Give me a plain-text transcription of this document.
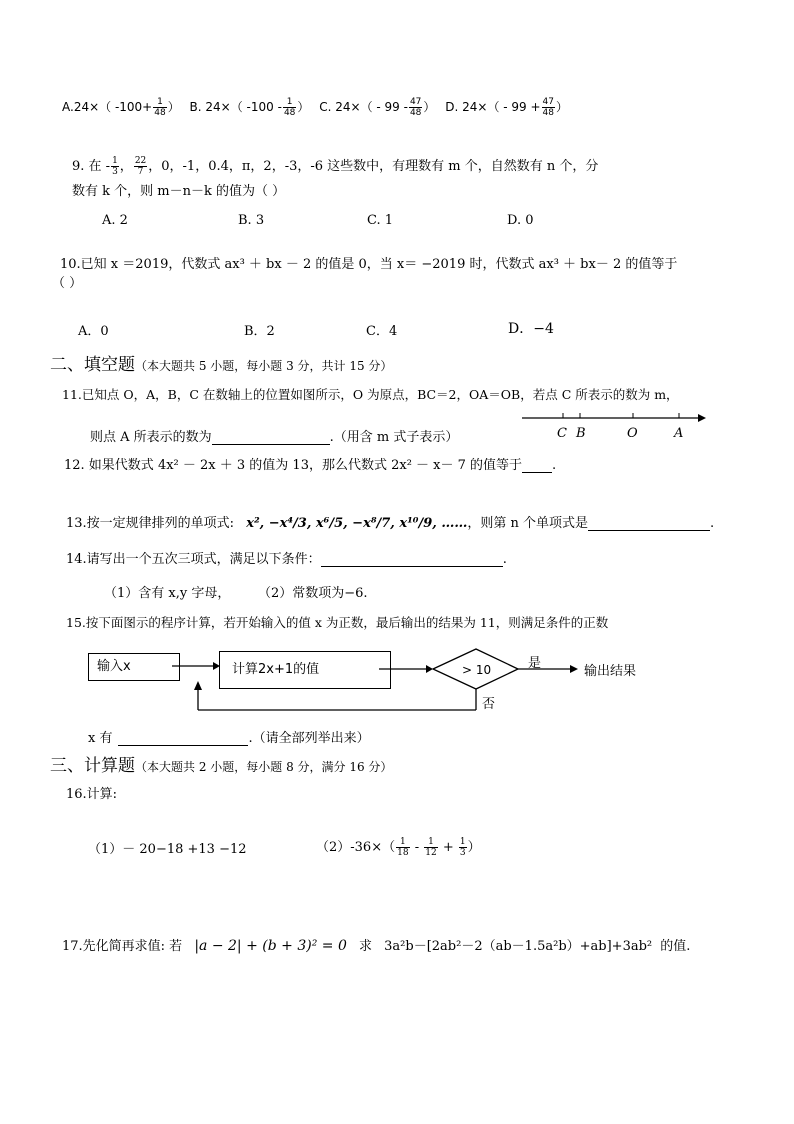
A.24×（ $-100+ \frac{1}{48}$ ） B. 24×（ $-100 - \frac{1}{48}$ ） C. $24\times( - 99 - \frac{47}{48}$ ） D. $24\times( - 99 + \frac{47}{48}$ ）
9. 在 - $\frac{1}{3}$ ， $\frac{22}{7}$ ，0，-1，0.4，π，2，-3，-6 这些数中，有理数有 m 个，自然数有 n 个，分
数有 k 个，则 m－n－k 的值为（ ）
A. 2	B. 3	C. 1	D. 0
10.已知 x ＝2019，代数式 ax³ ＋ bx － 2 的值是 0，当 x＝ −2019 时，代数式 ax³ ＋ bx－ 2 的值等于
（ ）
A．0	B．2	C．4	D．−4
二、填空题（本大题共 5 小题，每小题 3 分，共计 15 分）
11.已知点 O，A，B，C 在数轴上的位置如图所示，O 为原点，BC＝2，OA＝OB，若点 C 所表示的数为 m，
则点 A 所表示的数为	.（用含 m 式子表示）	C B	O	A
12. 如果代数式 4x² － 2x ＋ 3 的值为 13，那么代数式 2x² － x－ 7 的值等于 .
13.按一定规律排列的单项式: x², −x⁴/3, x⁶/5, −x⁸/7, x¹⁰/9, ……，则第 n 个单项式是	.
14.请写出一个五次三项式，满足以下条件：	.
（1）含有 x,y 字母， （2）常数项为−6.
15.按下面图示的程序计算，若开始输入的值 x 为正数，最后输出的结果为 11，则满足条件的正数
输入x	计算2x+1的值	> 10	是
输出结果
否
x 有	.（请全部列举出来）
三、计算题（本大题共 2 小题，每小题 8 分，满分 16 分）
16.计算:
（1）－ 20−18 +13 −12	$(2)-36\times( \frac{1}{18} - \frac{1}{12} + \frac{1}{3}$ ）
17.先化简再求值: 若 |a − 2| + (b + 3)² = 0 求 3a²b－[2ab²－2（ab－1.5a²b）+ab]+3ab² 的值.
